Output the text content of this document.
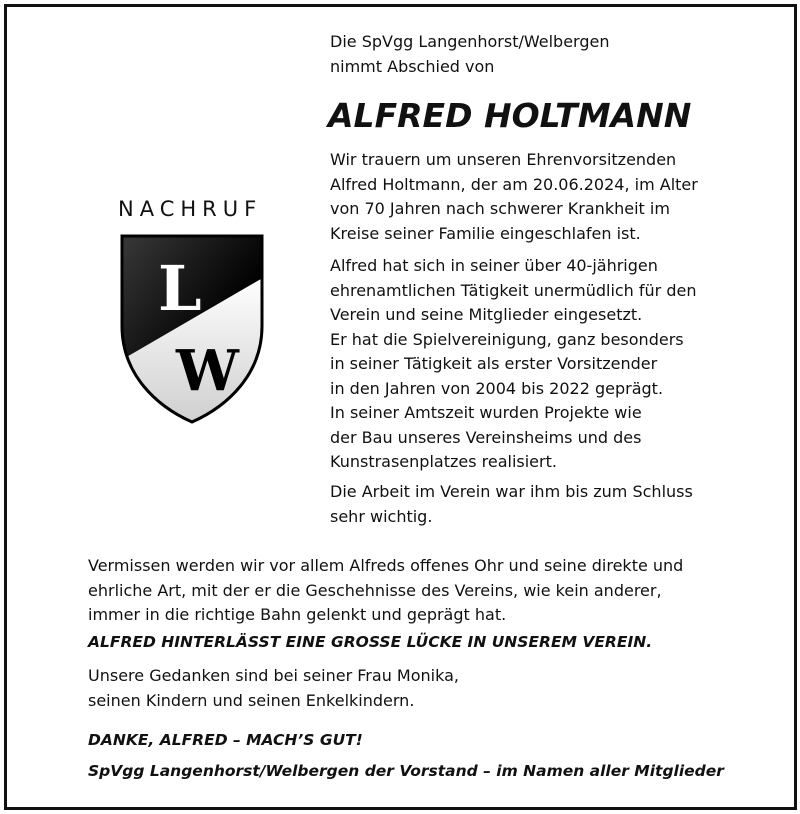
Die SpVgg Langenhorst/Welbergen
nimmt Abschied von
ALFRED HOLTMANN
NACHRUF
L
W
Wir trauern um unseren Ehrenvorsitzenden
Alfred Holtmann, der am 20.06.2024, im Alter
von 70 Jahren nach schwerer Krankheit im
Kreise seiner Familie eingeschlafen ist.
Alfred hat sich in seiner über 40-jährigen
ehrenamtlichen Tätigkeit unermüdlich für den
Verein und seine Mitglieder eingesetzt.
Er hat die Spielvereinigung, ganz besonders
in seiner Tätigkeit als erster Vorsitzender
in den Jahren von 2004 bis 2022 geprägt.
In seiner Amtszeit wurden Projekte wie
der Bau unseres Vereinsheims und des
Kunstrasenplatzes realisiert.
Die Arbeit im Verein war ihm bis zum Schluss
sehr wichtig.
Vermissen werden wir vor allem Alfreds offenes Ohr und seine direkte und
ehrliche Art, mit der er die Geschehnisse des Vereins, wie kein anderer,
immer in die richtige Bahn gelenkt und geprägt hat.
ALFRED HINTERLÄSST EINE GROSSE LÜCKE IN UNSEREM VEREIN.
Unsere Gedanken sind bei seiner Frau Monika,
seinen Kindern und seinen Enkelkindern.
DANKE, ALFRED – MACH’S GUT!
SpVgg Langenhorst/Welbergen der Vorstand – im Namen aller Mitglieder
